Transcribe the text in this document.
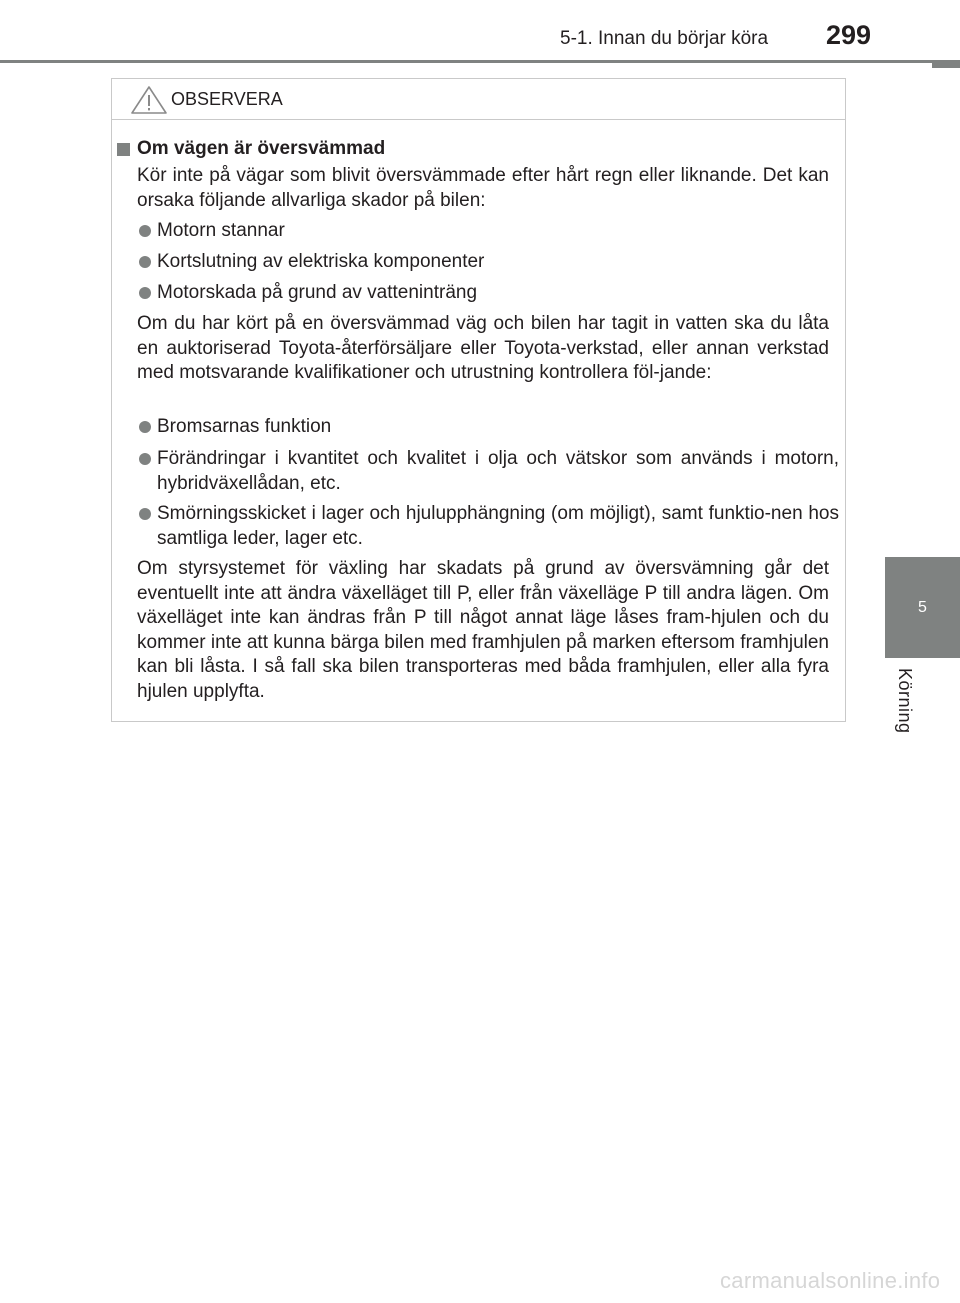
5-1. Innan du börjar köra 299
5
Körning
OBSERVERA
Om vägen är översvämmad
Kör inte på vägar som blivit översvämmade efter hårt regn eller liknande. Det kan orsaka följande allvarliga skador på bilen:
Motorn stannar
Kortslutning av elektriska komponenter
Motorskada på grund av vatteninträng
Om du har kört på en översvämmad väg och bilen har tagit in vatten ska du låta en auktoriserad Toyota-återförsäljare eller Toyota-verkstad, eller annan verkstad med motsvarande kvalifikationer och utrustning kontrollera föl-jande:
Bromsarnas funktion
Förändringar i kvantitet och kvalitet i olja och vätskor som används i motorn, hybridväxellådan, etc.
Smörningsskicket i lager och hjulupphängning (om möjligt), samt funktio-nen hos samtliga leder, lager etc.
Om styrsystemet för växling har skadats på grund av översvämning går det eventuellt inte att ändra växelläget till P, eller från växelläge P till andra lägen. Om växelläget inte kan ändras från P till något annat läge låses fram-hjulen och du kommer inte att kunna bärga bilen med framhjulen på marken eftersom framhjulen kan bli låsta. I så fall ska bilen transporteras med båda framhjulen, eller alla fyra hjulen upplyfta.
carmanualsonline.info
